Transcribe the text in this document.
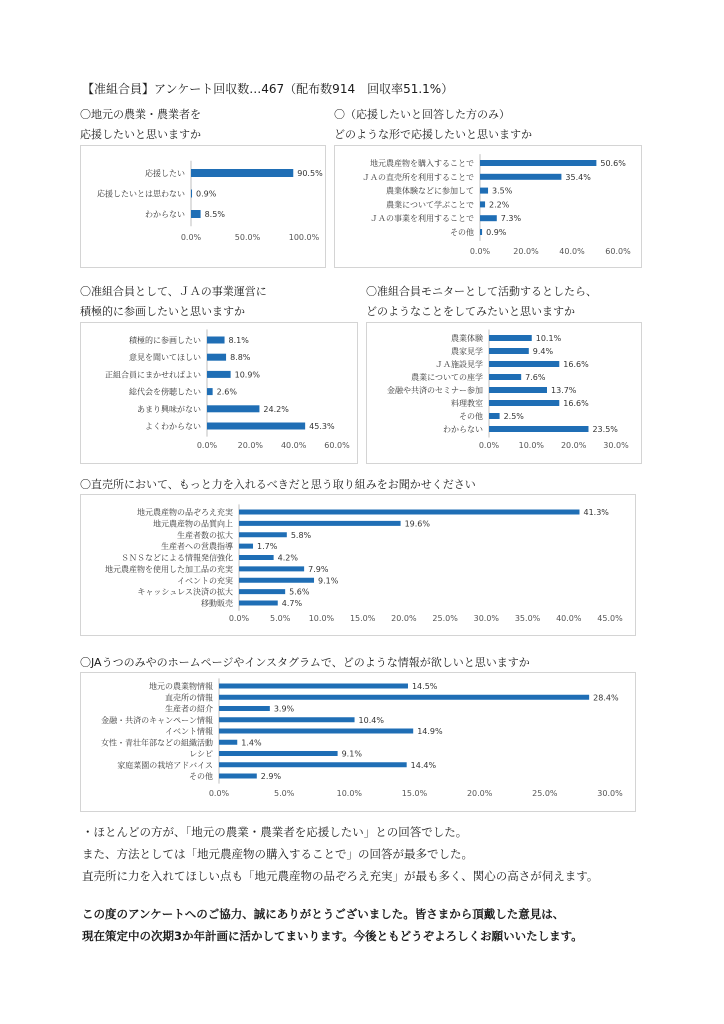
【准組合員】アンケート回収数…467（配布数914　回収率51.1%）
〇地元の農業・農業者を
応援したいと思いますか
〇（応援したいと回答した方のみ）
どのような形で応援したいと思いますか
〇准組合員として、ＪＡの事業運営に
積極的に参画したいと思いますか
〇准組合員モニターとして活動するとしたら、
どのようなことをしてみたいと思いますか
〇直売所において、もっと力を入れるべきだと思う取り組みをお聞かせください
〇JAうつのみやのホームページやインスタグラムで、どのような情報が欲しいと思いますか
応援したい	90.5%
応援したいとは思わない 0.9%
わからない 8.5%
0.0%	50.0%	100.0%
地元農産物を購入することで	50.6%
ＪＡの直売所を利用することで	35.4%
農業体験などに参加して 3.5%
農業について学ぶことで 2.2%
ＪＡの事業を利用することで	7.3%
その他 0.9%
0.0%	20.0%	40.0%	60.0%
積極的に参画したい	8.1%
意見を聞いてほしい	8.8%
正組合員にまかせればよい	10.9%
総代会を傍聴したい 2.6%
あまり興味がない	24.2%
よくわからない	45.3%
0.0%	20.0% 40.0% 60.0%
農業体験	10.1%
農家見学	9.4%
ＪＡ施設見学	16.6%
農業についての座学	7.6%
金融や共済のセミナー参加	13.7%
料理教室	16.6%
その他	2.5%
わからない	23.5%
0.0% 10.0% 20.0% 30.0%
地元農産物の品ぞろえ充実	41.3%
地元農産物の品質向上	19.6%
生産者数の拡大	5.8%
生産者への営農指導	1.7%
ＳＮＳなどによる情報発信強化	4.2%
地元農産物を使用した加工品の充実	7.9%
イベントの充実	9.1%
キャッシュレス決済の拡大	5.6%
移動販売	4.7%
0.0%	5.0% 10.0% 15.0% 20.0% 25.0% 30.0% 35.0% 40.0% 45.0%
地元の農業物情報	14.5%
直売所の情報	28.4%
生産者の紹介	3.9%
金融・共済のキャンペーン情報	10.4%
イベント情報	14.9%
女性・青壮年部などの組織活動	1.4%
レシピ	9.1%
家庭菜園の栽培アドバイス	14.4%
その他	2.9%
0.0%	5.0%	10.0%	15.0%	20.0%	25.0%	30.0%
・ほとんどの方が、「地元の農業・農業者を応援したい」との回答でした。
また、方法としては「地元農産物の購入することで」の回答が最多でした。
直売所に力を入れてほしい点も「地元農産物の品ぞろえ充実」が最も多く、関心の高さが伺えます。
この度のアンケートへのご協力、誠にありがとうございました。皆さまから頂戴した意見は、
現在策定中の次期3か年計画に活かしてまいります。今後ともどうぞよろしくお願いいたします。
